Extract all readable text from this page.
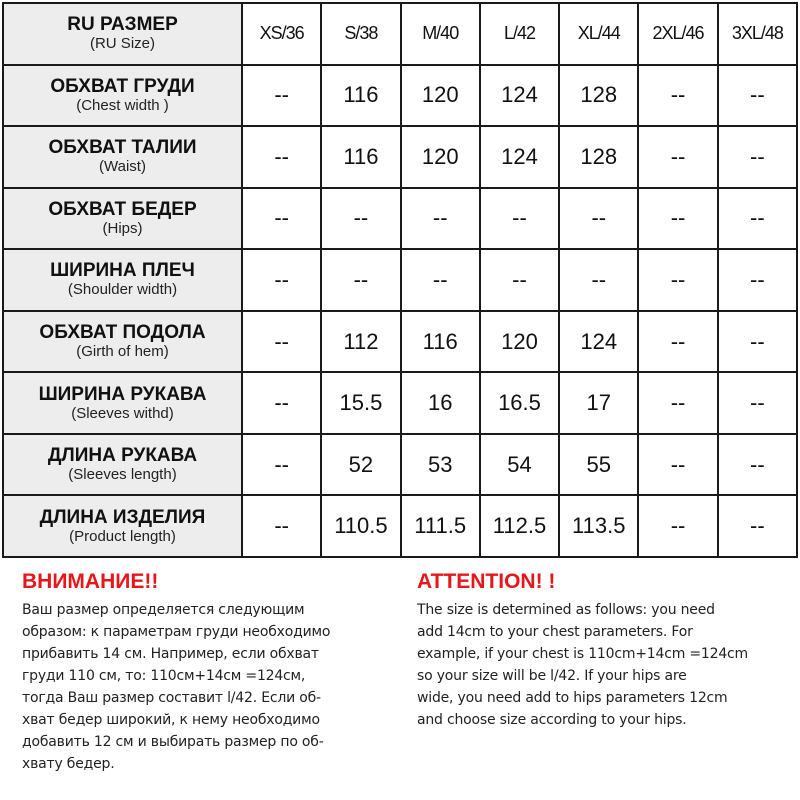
RU РАЗМЕР
(RU Size)	XS/36	S/38	M/40	L/42	XL/44	2XL/46	3XL/48

ОБХВАТ ГРУДИ
(Chest width )	--	116	120	124	128	--	--

ОБХВАТ ТАЛИИ
(Waist)	--	116	120	124	128	--	--

ОБХВАТ БЕДЕР
(Hips)	--	--	--	--	--	--	--

ШИРИНА ПЛЕЧ
(Shoulder width)	--	--	--	--	--	--	--

ОБХВАТ ПОДОЛА
(Girth of hem)	--	112	116	120	124	--	--

ШИРИНА РУКАВА
(Sleeves withd)	--	15.5	16	16.5	17	--	--

ДЛИНА РУКАВА
(Sleeves length)	--	52	53	54	55	--	--

ДЛИНА ИЗДЕЛИЯ
(Product length)	--	110.5	111.5	112.5	113.5	--	--
ВНИМАНИЕ!!
Ваш размер определяется следующим
образом: к параметрам груди необходимо
прибавить 14 см. Например, если обхват
груди 110 см, то: 110см+14см =124см,
тогда Ваш размер составит l/42. Если об-
хват бедер широкий, к нему необходимо
добавить 12 см и выбирать размер по об-
хвату бедер.
ATTENTION! !
The size is determined as follows: you need
add 14cm to your chest parameters. For
example, if your chest is 110cm+14cm =124cm
so your size will be l/42. If your hips are
wide, you need add to hips parameters 12cm
and choose size according to your hips.
